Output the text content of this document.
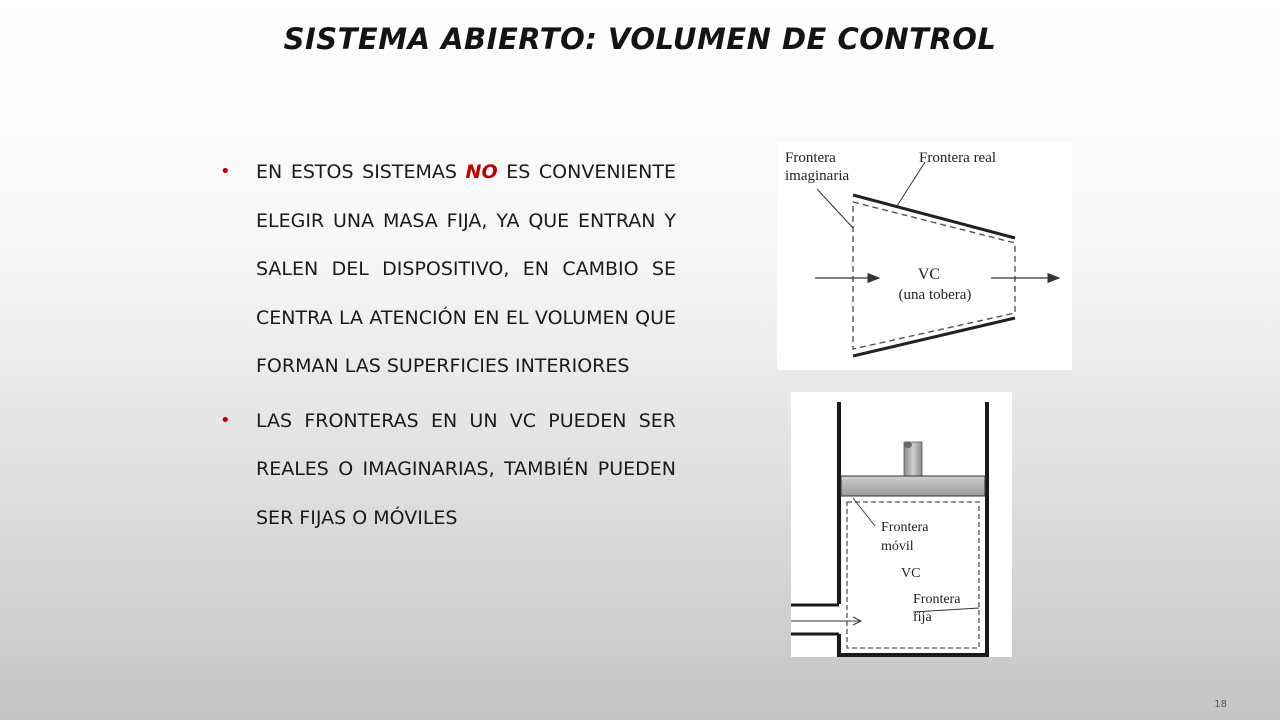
SISTEMA ABIERTO: VOLUMEN DE CONTROL
• EN ESTOS SISTEMAS NO ES CONVENIENTE ELEGIR UNA MASA FIJA, YA QUE ENTRAN Y SALEN DEL DISPOSITIVO, EN CAMBIO SE CENTRA LA ATENCIÓN EN EL VOLUMEN QUE FORMAN LAS SUPERFICIES INTERIORES
• LAS FRONTERAS EN UN VC PUEDEN SER REALES O IMAGINARIAS, TAMBIÉN PUEDEN SER FIJAS O MÓVILES
Frontera
imaginaria
Frontera real
VC
(una tobera)
Frontera
móvil
VC
Frontera
fija
18
